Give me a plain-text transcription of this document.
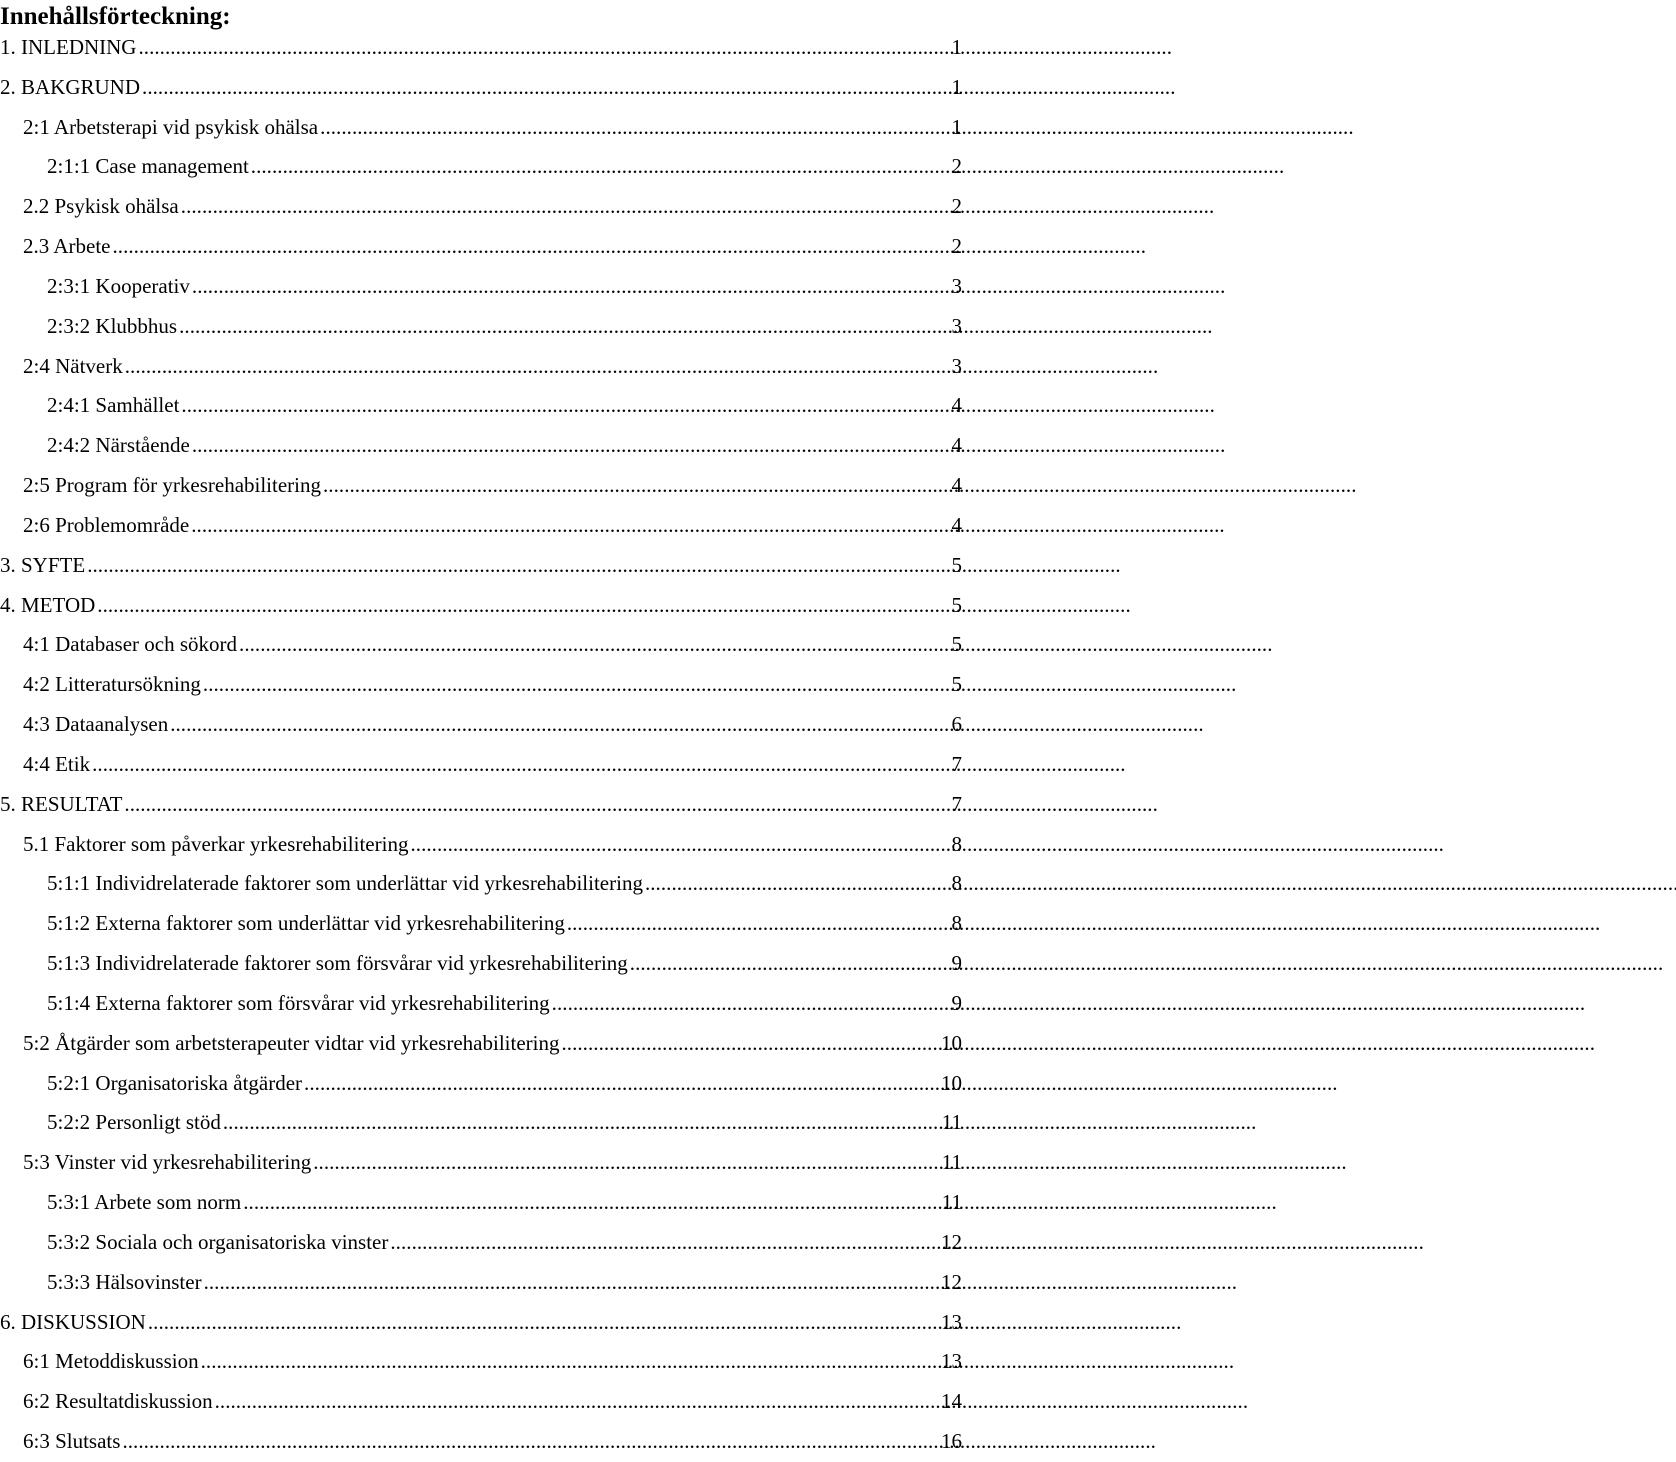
Innehållsförteckning:
1. INLEDNING . . .	1
2. BAKGRUND . . .	1
2:1 Arbetsterapi vid psykisk ohälsa . . .	1
2:1:1 Case management . . .	2
2.2 Psykisk ohälsa . . .	2
2.3 Arbete . . .	2
2:3:1 Kooperativ . . .	3
2:3:2 Klubbhus . . .	3
2:4 Nätverk . . .	3
2:4:1 Samhället . . .	4
2:4:2 Närstående . . .	4
2:5 Program för yrkesrehabilitering . . .	4
2:6 Problemområde . . .	4
3. SYFTE . . .	5
4. METOD . . .	5
4:1 Databaser och sökord . . .	5
4:2 Litteratursökning . . .	5
4:3 Dataanalysen . . .	6
4:4 Etik . . .	7
5. RESULTAT . . .	7
5.1 Faktorer som påverkar yrkesrehabilitering . . .	8
5:1:1 Individrelaterade faktorer som underlättar vid yrkesrehabilitering . . .	8
5:1:2 Externa faktorer som underlättar vid yrkesrehabilitering . . .	8
5:1:3 Individrelaterade faktorer som försvårar vid yrkesrehabilitering . . .	9
5:1:4 Externa faktorer som försvårar vid yrkesrehabilitering . . .	9
5:2 Åtgärder som arbetsterapeuter vidtar vid yrkesrehabilitering . . .	10
5:2:1 Organisatoriska åtgärder . . .	10
5:2:2 Personligt stöd . . .	11
5:3 Vinster vid yrkesrehabilitering . . .	11
5:3:1 Arbete som norm . . .	11
5:3:2 Sociala och organisatoriska vinster . . .	12
5:3:3 Hälsovinster . . .	12
6. DISKUSSION . . .	13
6:1 Metoddiskussion . . .	13
6:2 Resultatdiskussion . . .	14
6:3 Slutsats . . .	16
